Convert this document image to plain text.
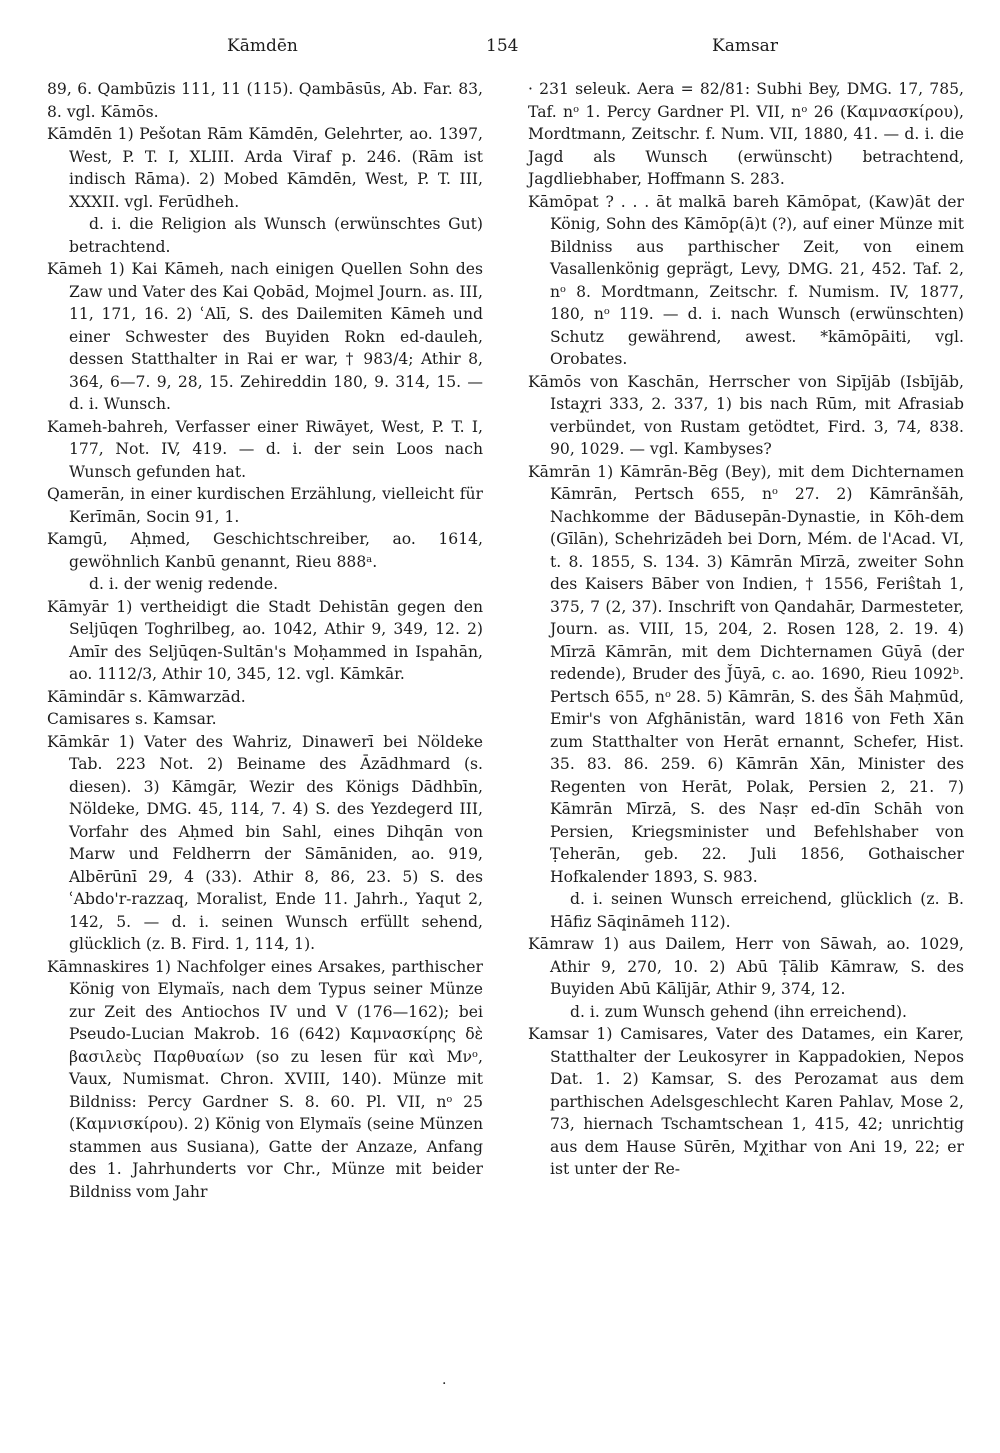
Kāmdēn	154	Kamsar

89, 6. Qambūzis 111, 11 (115). Qambāsūs, Ab. Far. 83, 8. vgl. Kāmōs.

Kāmdēn 1) Pešotan Rām Kāmdēn, Gelehrter, ao. 1397, West, P. T. I, XLIII. Arda Viraf p. 246. (Rām ist indisch Rāma). 2) Mobed Kāmdēn, West, P. T. III, XXXII. vgl. Ferūdheh.

d. i. die Religion als Wunsch (erwünschtes Gut) betrachtend.

Kāmeh 1) Kai Kāmeh, nach einigen Quellen Sohn des Zaw und Vater des Kai Qobād, Mojmel Journ. as. III, 11, 171, 16. 2) ʿAlī, S. des Dailemiten Kāmeh und einer Schwester des Buyiden Rokn ed-dauleh, dessen Statthalter in Rai er war, † 983/4; Athir 8, 364, 6—7. 9, 28, 15. Zehireddin 180, 9. 314, 15. — d. i. Wunsch.

Kameh-bahreh, Verfasser einer Riwāyet, West, P. T. I, 177, Not. IV, 419. — d. i. der sein Loos nach Wunsch gefunden hat.

Qamerān, in einer kurdischen Erzählung, vielleicht für Kerīmān, Socin 91, 1.

Kamgū, Aḥmed, Geschichtschreiber, ao. 1614, gewöhnlich Kanbū genannt, Rieu 888ᵃ.

d. i. der wenig redende.

Kāmyār 1) vertheidigt die Stadt Dehistān gegen den Seljūqen Toghrilbeg, ao. 1042, Athir 9, 349, 12. 2) Amīr des Seljūqen-Sultān's Moḥammed in Ispahān, ao. 1112/3, Athir 10, 345, 12. vgl. Kāmkār.

Kāmindār s. Kāmwarzād.

Camisares s. Kamsar.

Kāmkār 1) Vater des Wahriz, Dinawerī bei Nöldeke Tab. 223 Not. 2) Beiname des Āzādhmard (s. diesen). 3) Kāmgār, Wezir des Königs Dādhbīn, Nöldeke, DMG. 45, 114, 7. 4) S. des Yezdegerd III, Vorfahr des Aḥmed bin Sahl, eines Dihqān von Marw und Feldherrn der Sāmāniden, ao. 919, Albērūnī 29, 4 (33). Athir 8, 86, 23. 5) S. des ʿAbdo'r-razzaq, Moralist, Ende 11. Jahrh., Yaqut 2, 142, 5. — d. i. seinen Wunsch erfüllt sehend, glücklich (z. B. Fird. 1, 114, 1).

Kāmnaskires 1) Nachfolger eines Arsakes, parthischer König von Elymaïs, nach dem Typus seiner Münze zur Zeit des Antiochos IV und V (176—162); bei Pseudo-Lucian Makrob. 16 (642) Καμνασκίρης δὲ βασιλεὺς Παρθυαίων (so zu lesen für καὶ Μνᵒ, Vaux, Numismat. Chron. XVIII, 140). Münze mit Bildniss: Percy Gardner S. 8. 60. Pl. VII, nᵒ 25 (Καμνισκίρου). 2) König von Elymaïs (seine Münzen stammen aus Susiana), Gatte der Anzaze, Anfang des 1. Jahrhunderts vor Chr., Münze mit beider Bildniss vom Jahr

· 231 seleuk. Aera = 82/81: Subhi Bey, DMG. 17, 785, Taf. nᵒ 1. Percy Gardner Pl. VII, nᵒ 26 (Καμνασκίρου), Mordtmann, Zeitschr. f. Num. VII, 1880, 41. — d. i. die Jagd als Wunsch (erwünscht) betrachtend, Jagdliebhaber, Hoffmann S. 283.

Kāmōpat ? . . . āt malkā bareh Kāmōpat, (Kaw)āt der König, Sohn des Kāmōp(ā)t (?), auf einer Münze mit Bildniss aus parthischer Zeit, von einem Vasallenkönig geprägt, Levy, DMG. 21, 452. Taf. 2, nᵒ 8. Mordtmann, Zeitschr. f. Numism. IV, 1877, 180, nᵒ 119. — d. i. nach Wunsch (erwünschten) Schutz gewährend, awest. *kāmōpāiti, vgl. Orobates.

Kāmōs von Kaschān, Herrscher von Sipījāb (Isbījāb, Istaχri 333, 2. 337, 1) bis nach Rūm, mit Afrasiab verbündet, von Rustam getödtet, Fird. 3, 74, 838. 90, 1029. — vgl. Kambyses?

Kāmrān 1) Kāmrān-Bēg (Bey), mit dem Dichternamen Kāmrān, Pertsch 655, nᵒ 27. 2) Kāmrānšāh, Nachkomme der Bādusepān-Dynastie, in Kōh-dem (Gīlān), Schehrizādeh bei Dorn, Mém. de l'Acad. VI, t. 8. 1855, S. 134. 3) Kāmrān Mīrzā, zweiter Sohn des Kaisers Bāber von Indien, † 1556, Feriŝtah 1, 375, 7 (2, 37). Inschrift von Qandahār, Darmesteter, Journ. as. VIII, 15, 204, 2. Rosen 128, 2. 19. 4) Mīrzā Kāmrān, mit dem Dichternamen Gūyā (der redende), Bruder des J̌ūyā, c. ao. 1690, Rieu 1092ᵇ. Pertsch 655, nᵒ 28. 5) Kāmrān, S. des Šāh Maḥmūd, Emir's von Afghānistān, ward 1816 von Feth Xān zum Statthalter von Herāt ernannt, Schefer, Hist. 35. 83. 86. 259. 6) Kāmrān Xān, Minister des Regenten von Herāt, Polak, Persien 2, 21. 7) Kāmrān Mīrzā, S. des Naṣr ed-dīn Schāh von Persien, Kriegsminister und Befehlshaber von Ṭeherān, geb. 22. Juli 1856, Gothaischer Hofkalender 1893, S. 983.

d. i. seinen Wunsch erreichend, glücklich (z. B. Hāfiz Sāqināmeh 112).

Kāmraw 1) aus Dailem, Herr von Sāwah, ao. 1029, Athir 9, 270, 10. 2) Abū Ṭālib Kāmraw, S. des Buyiden Abū Kālījār, Athir 9, 374, 12.

d. i. zum Wunsch gehend (ihn erreichend).

Kamsar 1) Camisares, Vater des Datames, ein Karer, Statthalter der Leukosyrer in Kappadokien, Nepos Dat. 1. 2) Kamsar, S. des Perozamat aus dem parthischen Adelsgeschlecht Karen Pahlav, Mose 2, 73, hiernach Tschamtschean 1, 415, 42; unrichtig aus dem Hause Sūrēn, Mχithar von Ani 19, 22; er ist unter der Re-

·
